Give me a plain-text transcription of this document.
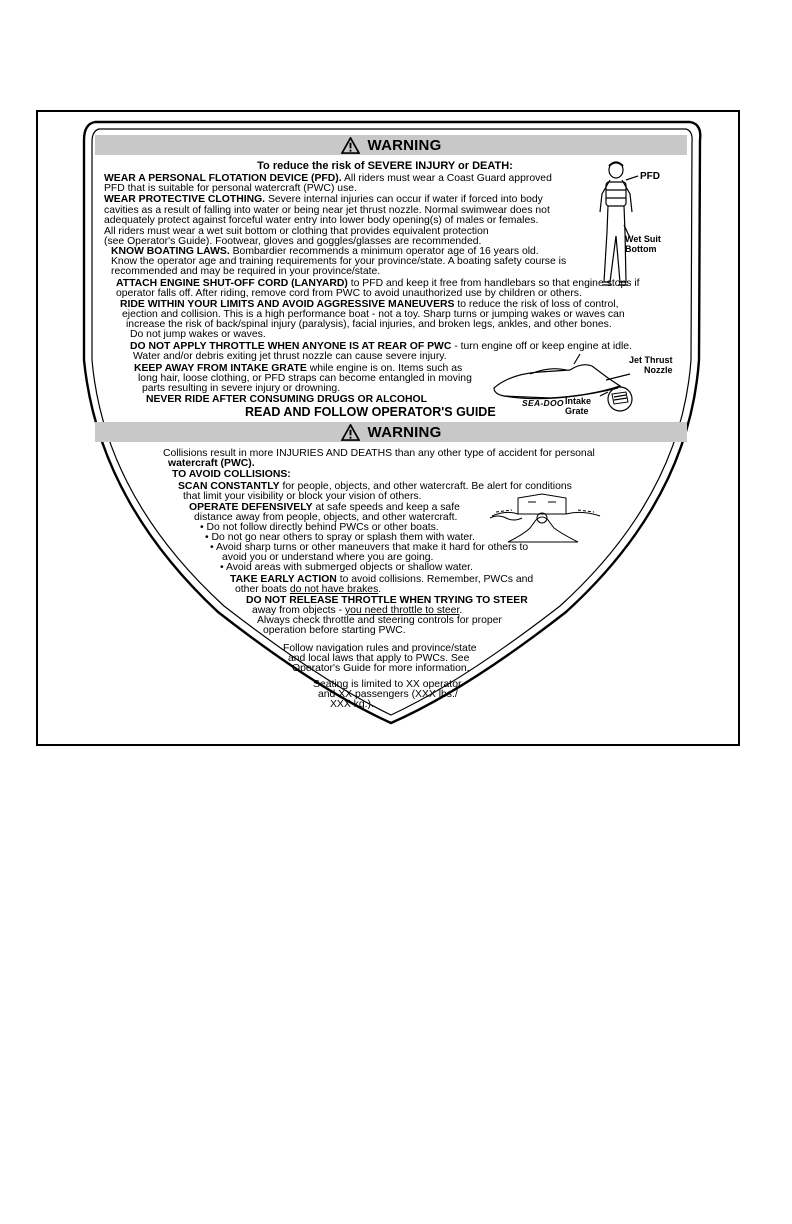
WARNING
To reduce the risk of SEVERE INJURY or DEATH:
WEAR A PERSONAL FLOTATION DEVICE (PFD). All riders must wear a Coast Guard approved
PFD that is suitable for personal watercraft (PWC) use.
WEAR PROTECTIVE CLOTHING. Severe internal injuries can occur if water if forced into body
cavities as a result of falling into water or being near jet thrust nozzle. Normal swimwear does not
adequately protect against forceful water entry into lower body opening(s) of males or females.
All riders must wear a wet suit bottom or clothing that provides equivalent protection
(see Operator's Guide). Footwear, gloves and goggles/glasses are recommended.
KNOW BOATING LAWS. Bombardier recommends a minimum operator age of 16 years old.
Know the operator age and training requirements for your province/state. A boating safety course is
recommended and may be required in your province/state.
ATTACH ENGINE SHUT-OFF CORD (LANYARD) to PFD and keep it free from handlebars so that engine stops if
operator falls off. After riding, remove cord from PWC to avoid unauthorized use by children or others.
RIDE WITHIN YOUR LIMITS AND AVOID AGGRESSIVE MANEUVERS to reduce the risk of loss of control,
ejection and collision. This is a high performance boat - not a toy. Sharp turns or jumping wakes or waves can
increase the risk of back/spinal injury (paralysis), facial injuries, and broken legs, ankles, and other bones.
Do not jump wakes or waves.
DO NOT APPLY THROTTLE WHEN ANYONE IS AT REAR OF PWC - turn engine off or keep engine at idle.
Water and/or debris exiting jet thrust nozzle can cause severe injury.
KEEP AWAY FROM INTAKE GRATE while engine is on. Items such as
long hair, loose clothing, or PFD straps can become entangled in moving
parts resulting in severe injury or drowning.
NEVER RIDE AFTER CONSUMING DRUGS OR ALCOHOL
READ AND FOLLOW OPERATOR'S GUIDE
PFD
Wet Suit
Bottom
Jet Thrust
Nozzle
Intake
Grate
SEA-DOO
WARNING
Collisions result in more INJURIES AND DEATHS than any other type of accident for personal
watercraft (PWC).
TO AVOID COLLISIONS:
SCAN CONSTANTLY for people, objects, and other watercraft. Be alert for conditions
that limit your visibility or block your vision of others.
OPERATE DEFENSIVELY at safe speeds and keep a safe
distance away from people, objects, and other watercraft.
• Do not follow directly behind PWCs or other boats.
• Do not go near others to spray or splash them with water.
• Avoid sharp turns or other maneuvers that make it hard for others to
avoid you or understand where you are going.
• Avoid areas with submerged objects or shallow water.
TAKE EARLY ACTION to avoid collisions. Remember, PWCs and
other boats do not have brakes.
DO NOT RELEASE THROTTLE WHEN TRYING TO STEER
away from objects - you need throttle to steer.
Always check throttle and steering controls for proper
operation before starting PWC.
Follow navigation rules and province/state
and local laws that apply to PWCs. See
Operator's Guide for more information.
Seating is limited to XX operator
and XX passengers (XXX lbs./
XXX kg.).
